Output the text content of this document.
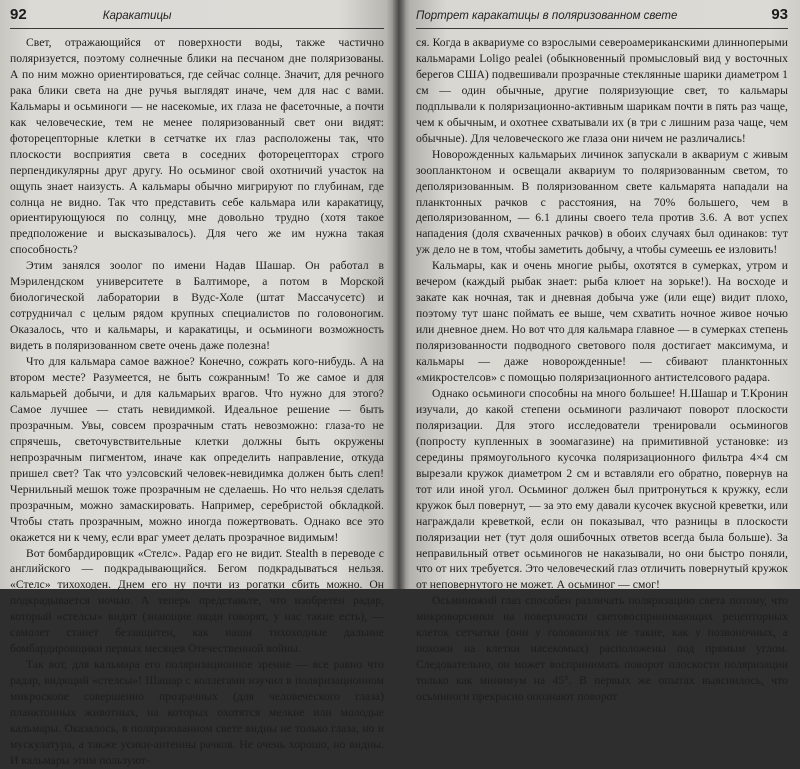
92	Каракатицы

Свет, отражающийся от поверхности воды, также частично поляризуется, поэтому солнечные блики на песчаном дне поляризованы. А по ним можно ориентироваться, где сейчас солнце. Значит, для речного рака блики света на дне ручья выглядят иначе, чем для нас с вами. Кальмары и осьминоги — не насекомые, их глаза не фасеточные, а почти как человеческие, тем не менее поляризованный свет они видят: фоторецепторные клетки в сетчатке их глаз расположены так, что плоскости восприятия света в соседних фоторецепторах строго перпендикулярны друг другу. Но осьминог свой охотничий участок на ощупь знает наизусть. А кальмары обычно мигрируют по глубинам, где солнца не видно. Так что представить себе кальмара или каракатицу, ориентирующуюся по солнцу, мне довольно трудно (хотя такое предположение и высказывалось). Для чего же им нужна такая способность?

Этим занялся зоолог по имени Надав Шашар. Он работал в Мэрилендском университете в Балтиморе, а потом в Морской биологической лаборатории в Вудс-Холе (штат Массачусетс) и сотрудничал с целым рядом крупных специалистов по головоногим. Оказалось, что и кальмары, и каракатицы, и осьминоги возможность видеть в поляризованном свете очень даже полезна!

Что для кальмара самое важное? Конечно, сожрать кого-нибудь. А на втором месте? Разумеется, не быть сожранным! То же самое и для кальмарьей добычи, и для кальмарьих врагов. Что нужно для этого? Самое лучшее — стать невидимкой. Идеальное решение — быть прозрачным. Увы, совсем прозрачным стать невозможно: глаза-то не спрячешь, светочувствительные клетки должны быть окружены непрозрачным пигментом, иначе как определить направление, откуда пришел свет? Так что уэлсовский человек-невидимка должен быть слеп! Чернильный мешок тоже прозрачным не сделаешь. Но что нельзя сделать прозрачным, можно замаскировать. Например, серебристой обкладкой. Чтобы стать прозрачным, можно иногда пожертвовать. Однако все это окажется ни к чему, если враг умеет делать прозрачное видимым!

Вот бомбардировщик «Стелс». Радар его не видит. Stealth в переводе с английского — подкрадывающийся. Бегом подкрадываться нельзя. «Стелс» тихоходен. Днем его ну почти из рогатки сбить можно. Он подкрадывается ночью. А теперь представьте, что изобретен радар, который «стелсы» видит (знающие люди говорят, у нас такие есть), — самолет станет беззащитен, как наши тихоходные дальние бомбардировщики первых месяцев Отечественной войны.

Так вот, для кальмара его поляризационное зрение — все равно что радар, видящий «стелсы»! Шашар с коллегами изучил в поляризационном микроскопе совершенно прозрачных (для человеческого глаза) планктонных животных, на которых охотятся мелкие или молодые кальмары. Оказалось, в поляризованном свете видны не только глаза, но и мускулатура, а также усики-антенны рачков. Не очень хорошо, но видны. И кальмары этим пользуют-

Портрет каракатицы в поляризованном свете	93

ся. Когда в аквариуме со взрослыми североамериканскими длинноперыми кальмарами Loligo pealei (обыкновенный промысловый вид у восточных берегов США) подвешивали прозрачные стеклянные шарики диаметром 1 см — один обычные, другие поляризующие свет, то кальмары подплывали к поляризационно-активным шарикам почти в пять раз чаще, чем к обычным, и охотнее схватывали их (в три с лишним раза чаще, чем обычные). Для человеческого же глаза они ничем не различались!

Новорожденных кальмарьих личинок запускали в аквариум с живым зоопланктоном и освещали аквариум то поляризованным светом, то деполяризованным. В поляризованном свете кальмарята нападали на планктонных рачков с расстояния, на 70% большего, чем в деполяризованном, — 6.1 длины своего тела против 3.6. А вот успех нападения (доля схваченных рачков) в обоих случаях был одинаков: тут уж дело не в том, чтобы заметить добычу, а чтобы сумеешь ее изловить!

Кальмары, как и очень многие рыбы, охотятся в сумерках, утром и вечером (каждый рыбак знает: рыба клюет на зорьке!). На восходе и закате как ночная, так и дневная добыча уже (или еще) видит плохо, поэтому тут шанс поймать ее выше, чем схватить ночное живое ночью или дневное днем. Но вот что для кальмара главное — в сумерках степень поляризованности подводного светового поля достигает максимума, и кальмары — даже новорожденные! — сбивают планктонных «микростелсов» с помощью поляризационного антистелсового радара.

Однако осьминоги способны на много большее! Н.Шашар и Т.Кронин изучали, до какой степени осьминоги различают поворот плоскости поляризации. Для этого исследователи тренировали осьминогов (попросту купленных в зоомагазине) на примитивной установке: из середины прямоугольного кусочка поляризационного фильтра 4×4 см вырезали кружок диаметром 2 см и вставляли его обратно, повернув на тот или иной угол. Осьминог должен был притронуться к кружку, если кружок был повернут, — за это ему давали кусочек вкусной креветки, или награждали креветкой, если он показывал, что разницы в плоскости поляризации нет (тут доля ошибочных ответов всегда была больше). За неправильный ответ осьминогов не наказывали, но они быстро поняли, что от них требуется. Это человеческий глаз отличить повернутый кружок от неповернутого не может. А осьминог — смог!

Осьминожий глаз способен различать поляризацию света потому, что микроворсинки на поверхности световоспринимающих рецепторных клеток сетчатки (они у головоногих не такие, как у позвоночных, а похожи на клетки насекомых) расположены под прямым углом. Следовательно, он может воспринимать поворот плоскости поляризации только как минимум на 45°. В первых же опытах выяснилось, что осьминоги прекрасно опознают поворот
